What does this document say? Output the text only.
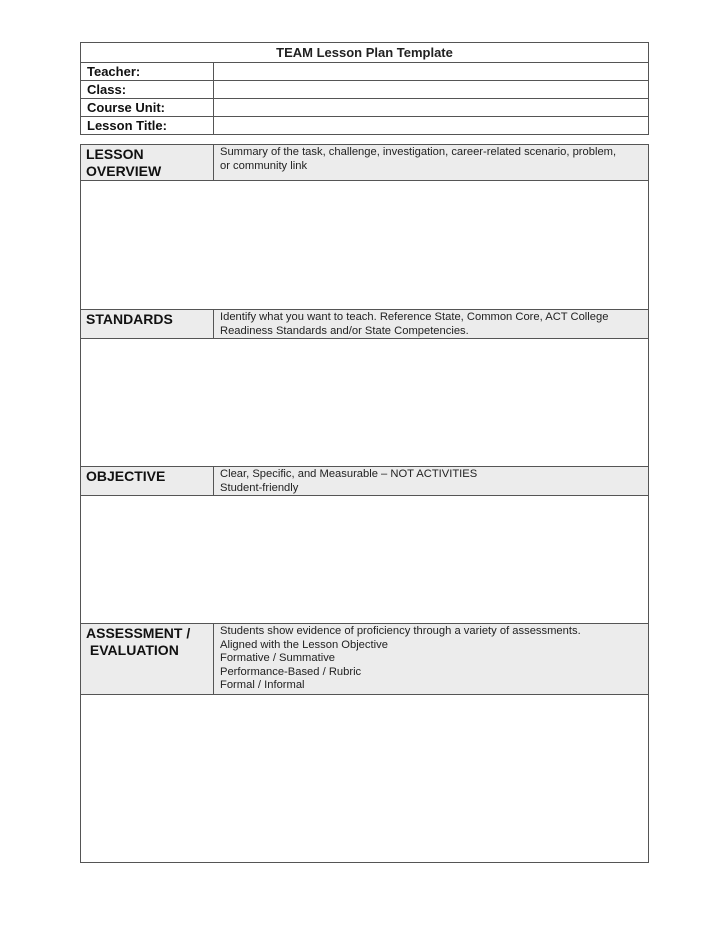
TEAM Lesson Plan Template
Teacher:
Class:
Course Unit:
Lesson Title:
LESSON
OVERVIEW
Summary of the task, challenge, investigation, career-related scenario, problem,
or community link
STANDARDS	Identify what you want to teach. Reference State, Common Core, ACT College
Readiness Standards and/or State Competencies.
OBJECTIVE	Clear, Specific, and Measurable – NOT ACTIVITIES
Student-friendly
ASSESSMENT /
EVALUATION
Students show evidence of proficiency through a variety of assessments.
Aligned with the Lesson Objective
Formative / Summative
Performance-Based / Rubric
Formal / Informal
